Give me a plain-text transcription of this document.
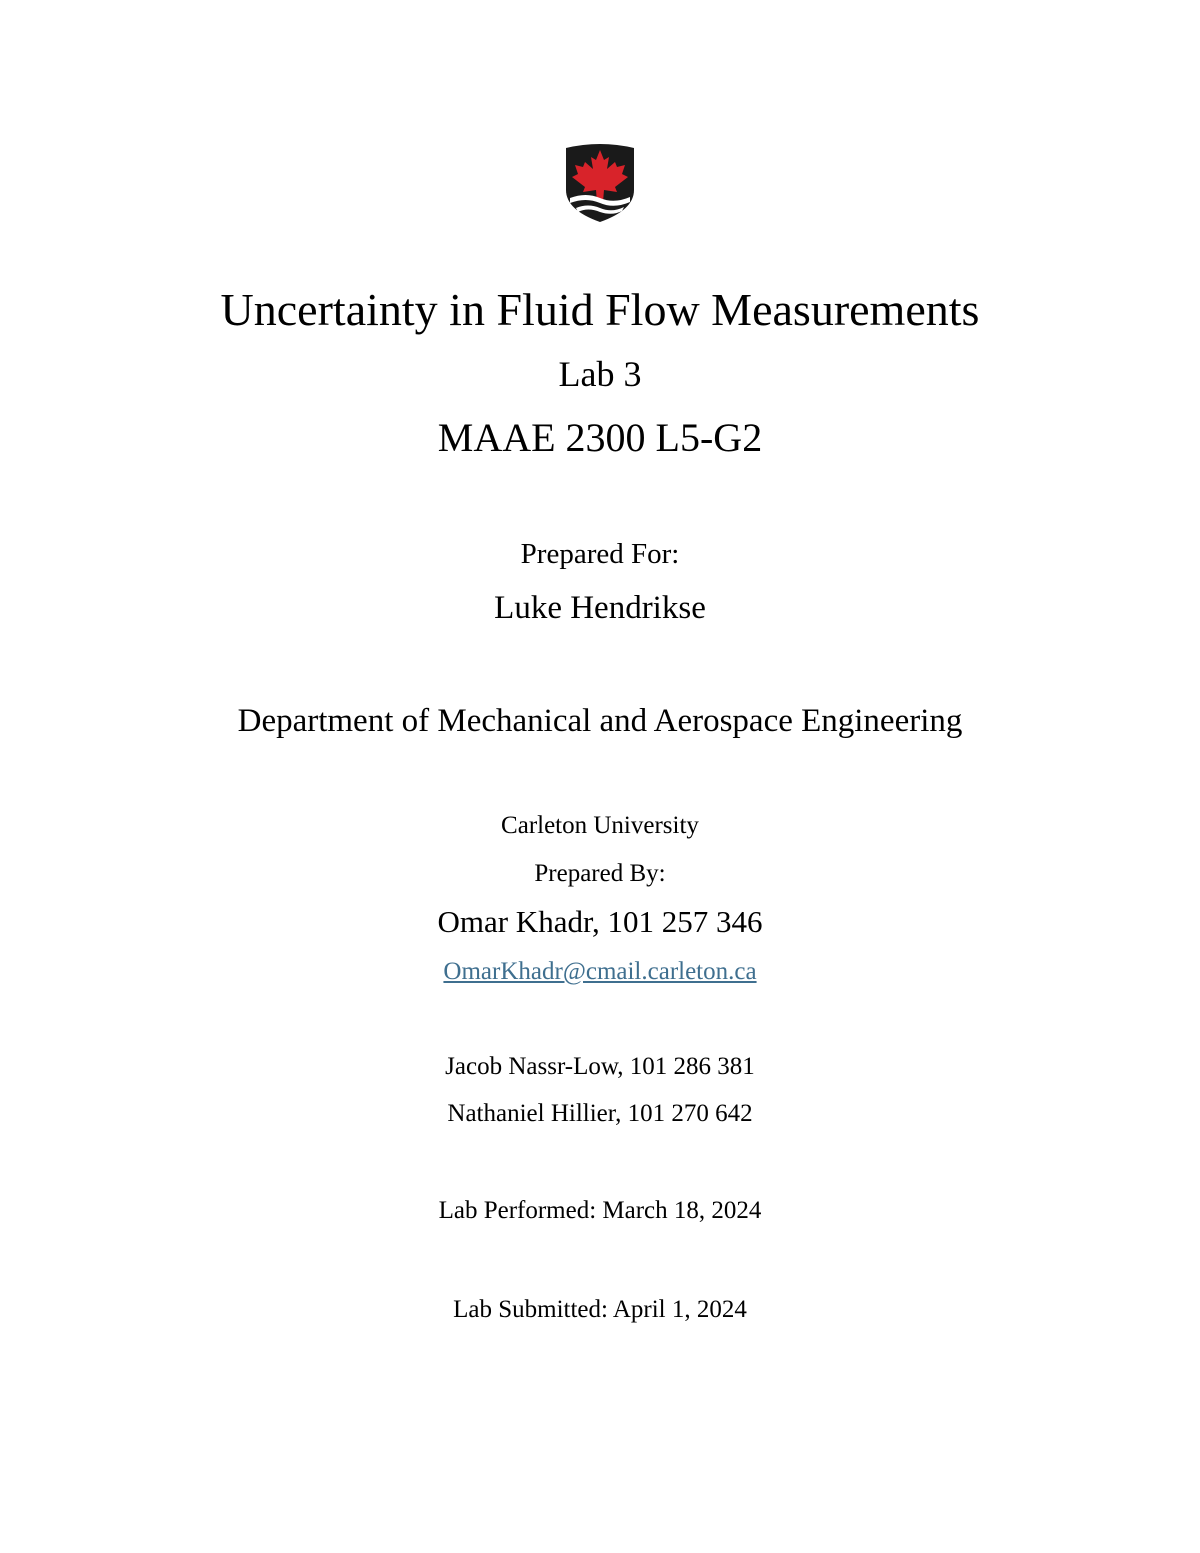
Uncertainty in Fluid Flow Measurements
Lab 3
MAAE 2300 L5-G2
Prepared For:
Luke Hendrikse
Department of Mechanical and Aerospace Engineering
Carleton University
Prepared By:
Omar Khadr, 101 257 346
OmarKhadr@cmail.carleton.ca
Jacob Nassr-Low, 101 286 381
Nathaniel Hillier, 101 270 642
Lab Performed: March 18, 2024
Lab Submitted: April 1, 2024
